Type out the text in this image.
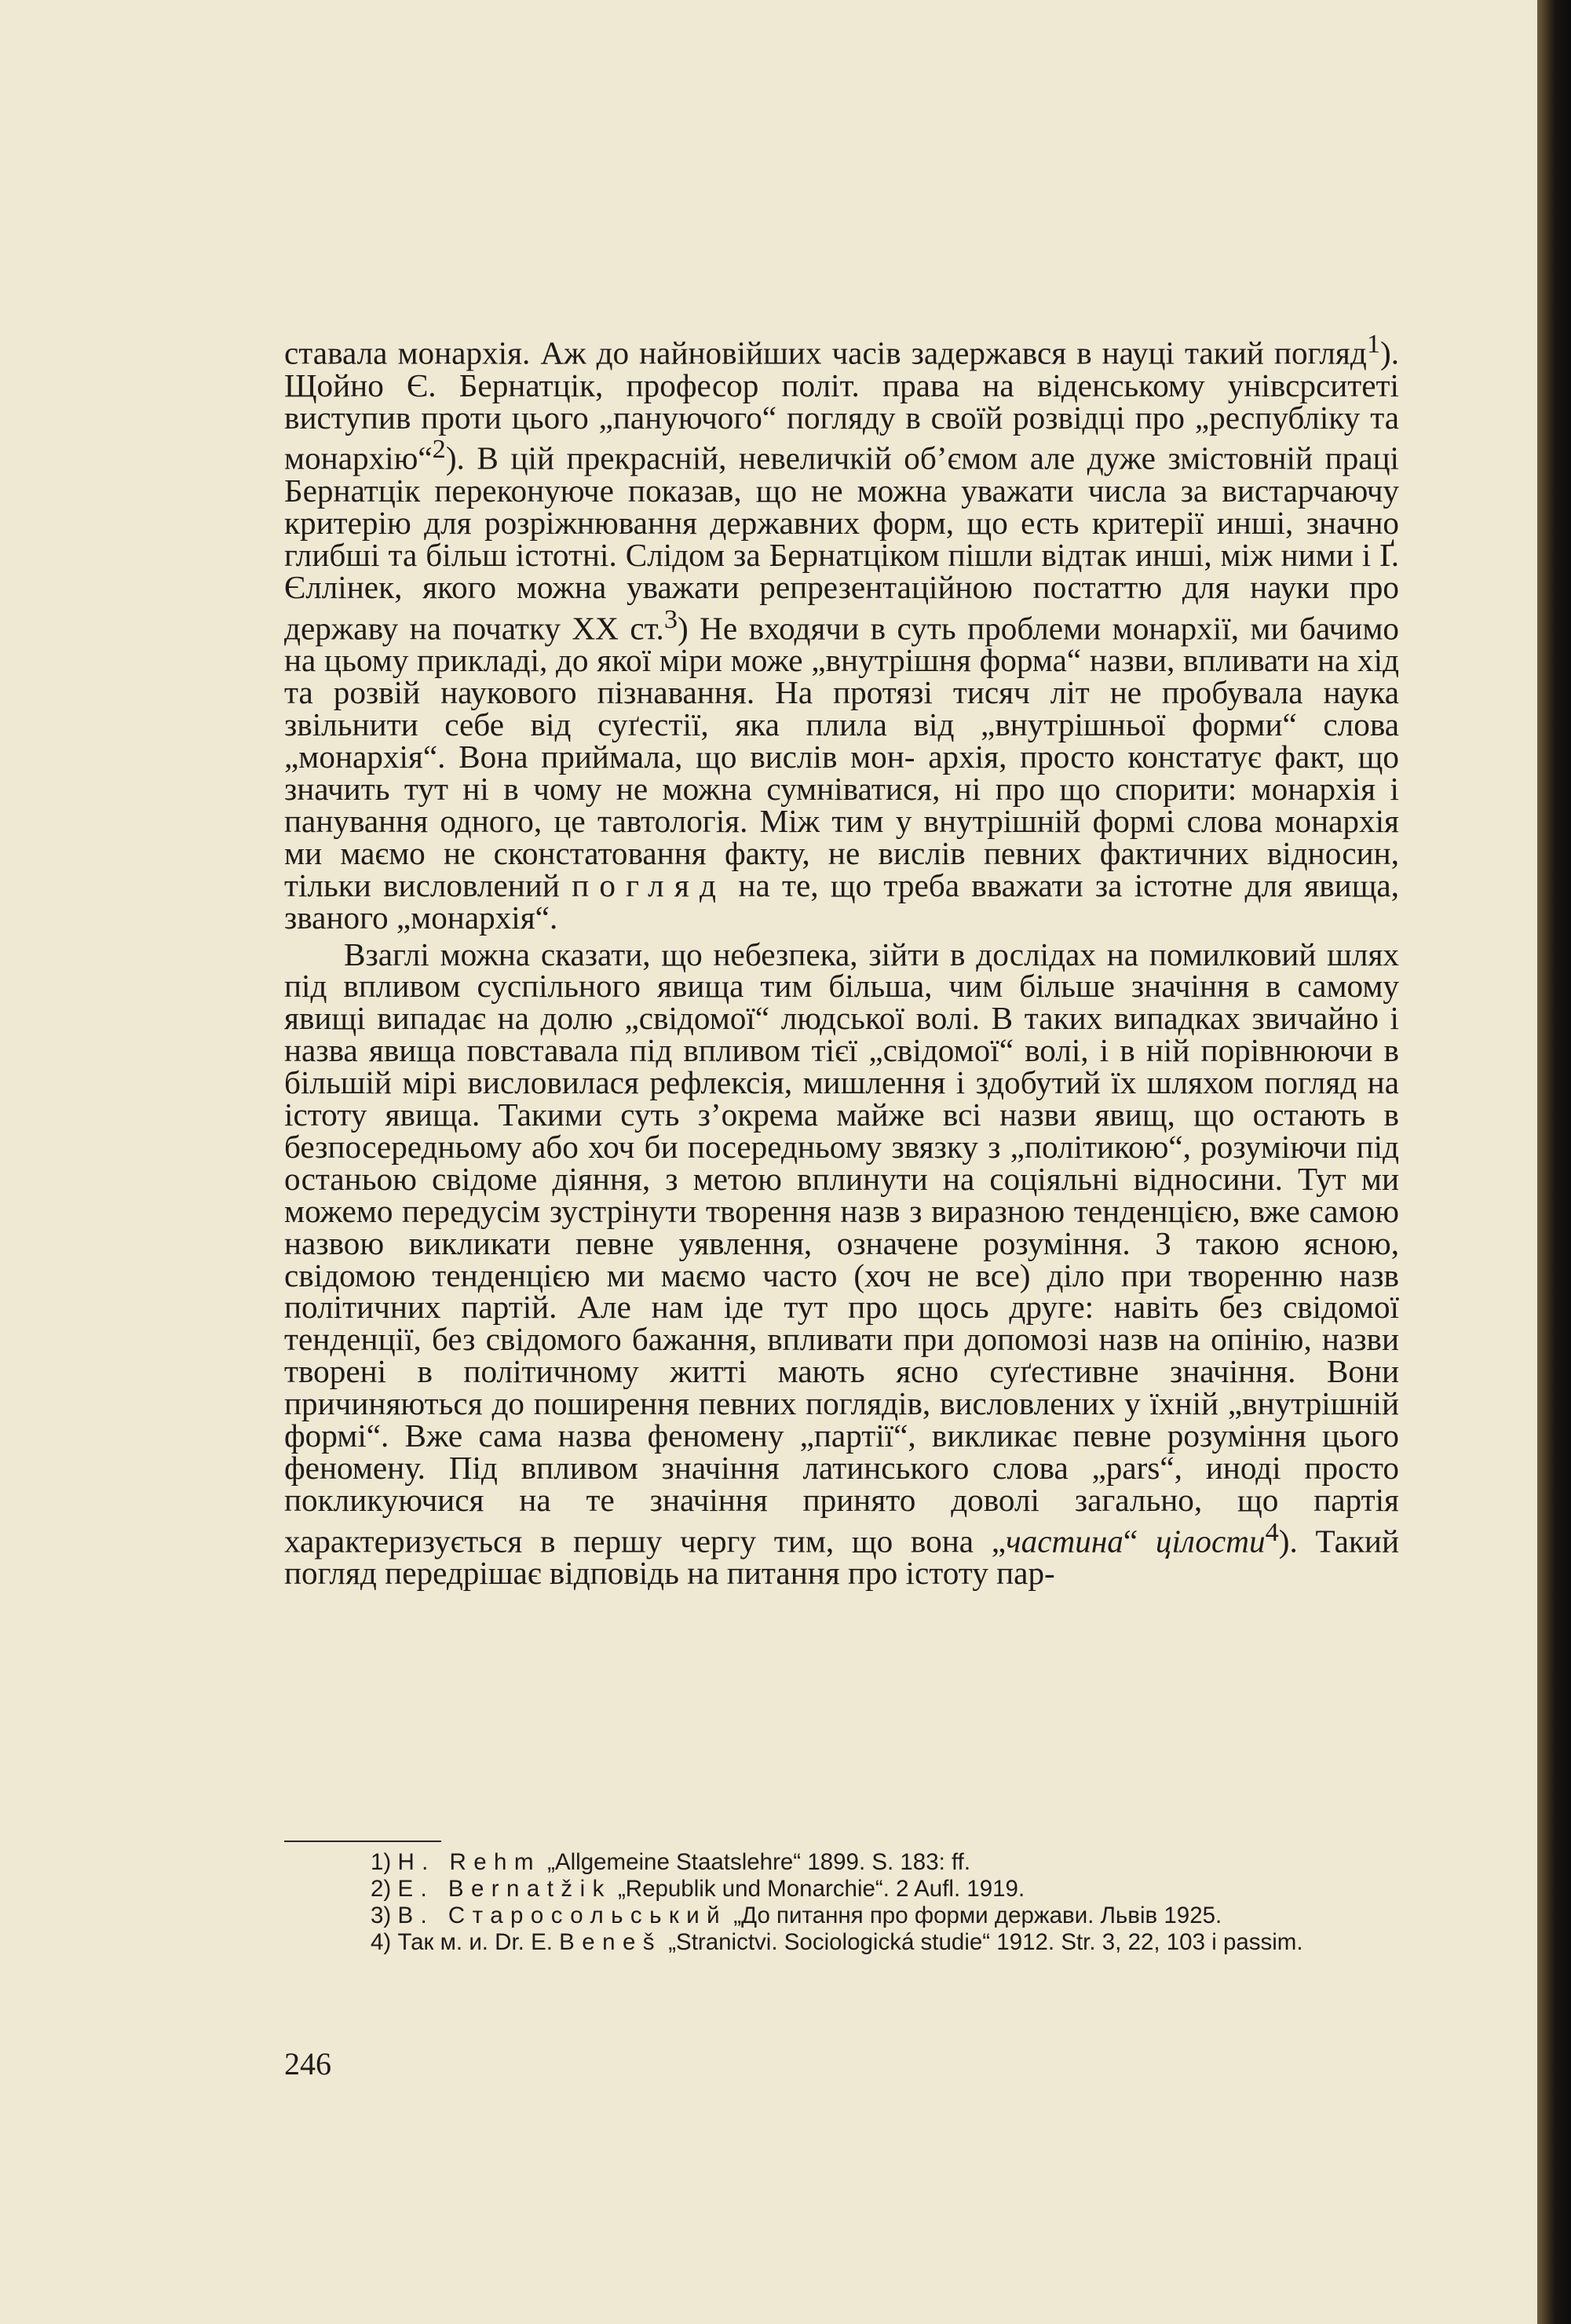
ставала монархія. Аж до найновійших часів задержався в науці такий погляд$^1$). Щойно Є. Бернатцік, професор політ. права на віденському унівсрситеті виступив проти цього „пануючого“ погляду в своїй розвідці про „республіку та монархію“$^2$). В цій прекрасній, невеличкій об’ємом але дуже змістовній праці Бернатцік переконуюче показав, що не можна уважати числа за вистарчаючу критерію для розріжнювання державних форм, що есть критерії инші, значно глибші та більш істотні. Слідом за Бернатціком пішли відтак инші, між ними і Ґ. Єллінек, якого можна уважати репрезентаційною постаттю для науки про державу на початку XX ст.$^3$) Не входячи в суть проблеми монархії, ми бачимо на цьому прикладі, до якої міри може „внутрішня форма“ назви, впливати на хід та розвій наукового пізнавання. На протязі тисяч літ не пробувала наука звільнити себе від суґестії, яка плила від „внутрішньої форми“ слова „монархія“. Вона приймала, що вислів мон- архія, просто констатує факт, що значить тут ні в чому не можна сумніватися, ні про що спорити: монархія і панування одного, це тавтологія. Між тим у внутрішній формі слова монархія ми маємо не сконстатовання факту, не вислів певних фактичних відносин, тільки висловлений погляд на те, що треба вважати за істотне для явища, званого „монархія“.

Взаглі можна сказати, що небезпека, зійти в дослідах на помилковий шлях під впливом суспільного явища тим більша, чим більше значіння в самому явищі випадає на долю „свідомої“ людської волі. В таких випадках звичайно і назва явища повставала під впливом тієї „свідомої“ волі, і в ній порівнюючи в більшій мірі висловилася рефлексія, мишлення і здобутий їх шляхом погляд на істоту явища. Такими суть з’окрема майже всі назви явищ, що остають в безпосередньому або хоч би посередньому звязку з „політикою“, розуміючи під останьою свідоме діяння, з метою вплинути на соціяльні відносини. Тут ми можемо передусім зустрінути творення назв з виразною тенденцією, вже самою назвою викликати певне уявлення, означене розуміння. З такою ясною, свідомою тенденцією ми маємо часто (хоч не все) діло при творенню назв політичних партій. Але нам іде тут про щось друге: навіть без свідомої тенденції, без свідомого бажання, впливати при допомозі назв на опінію, назви творені в політичному житті мають ясно суґестивне значіння. Вони причиняються до поширення певних поглядів, висловлених у їхній „внутрішній формі“. Вже сама назва феномену „партії“, викликає певне розуміння цього феномену. Під впливом значіння латинського слова „pars“, иноді просто покликуючися на те значіння принято доволі загально, що партія характеризується в першу чергу тим, що вона „частина“ цілости$^4$). Такий погляд передрішає відповідь на питання про істоту пар-

1) H. Rehm „Allgemeine Staatslehre“ 1899. S. 183: ff.

2) E. Bernatžik „Republik und Monarchie“. 2 Aufl. 1919.

3) В. Старосольський „До питання про форми держави. Львів 1925.

4) Так м. и. Dr. E. Beneš „Stranictvi. Sociologická studie“ 1912. Str. 3, 22, 103 i passim.

246
